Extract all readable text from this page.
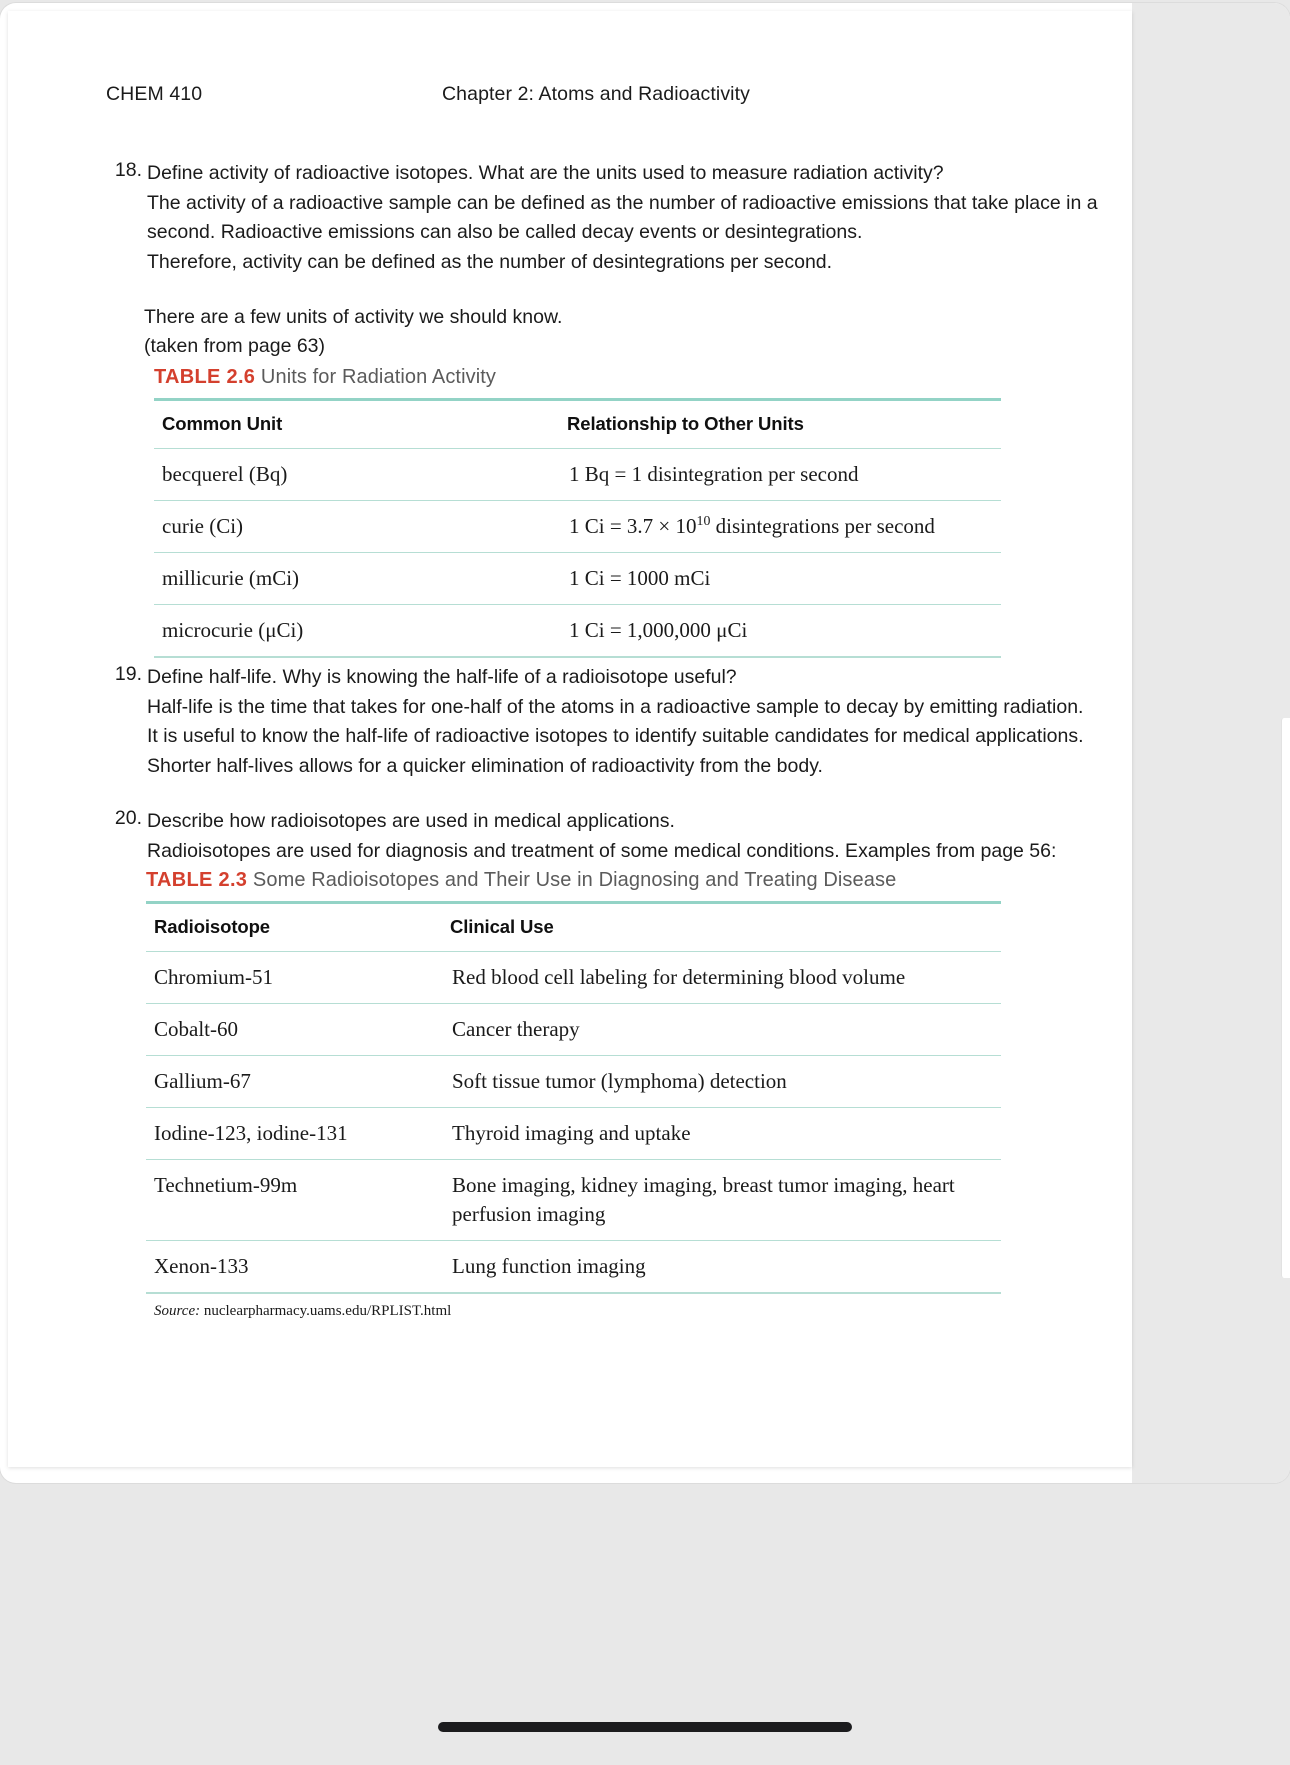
CHEM 410	Chapter 2: Atoms and Radioactivity
18. Define activity of radioactive isotopes. What are the units used to measure radiation activity?
The activity of a radioactive sample can be defined as the number of radioactive emissions that take place in a
second. Radioactive emissions can also be called decay events or desintegrations.
Therefore, activity can be defined as the number of desintegrations per second.
There are a few units of activity we should know.
(taken from page 63)
TABLE 2.6 Units for Radiation Activity
Common Unit	Relationship to Other Units
becquerel (Bq)	1 Bq = 1 disintegration per second
curie (Ci)	1 $Ci = 3.7 \times 10^{10}$ disintegrations per second
millicurie (mCi)	1 Ci = 1000 mCi
microcurie (μCi)	1 Ci = 1,000,000 μCi
19. Define half-life. Why is knowing the half-life of a radioisotope useful?
Half-life is the time that takes for one-half of the atoms in a radioactive sample to decay by emitting radiation.
It is useful to know the half-life of radioactive isotopes to identify suitable candidates for medical applications.
Shorter half-lives allows for a quicker elimination of radioactivity from the body.
20. Describe how radioisotopes are used in medical applications.
Radioisotopes are used for diagnosis and treatment of some medical conditions. Examples from page 56:
TABLE 2.3 Some Radioisotopes and Their Use in Diagnosing and Treating Disease
Radioisotope	Clinical Use
Chromium-51	Red blood cell labeling for determining blood volume
Cobalt-60	Cancer therapy
Gallium-67	Soft tissue tumor (lymphoma) detection
Iodine-123, iodine-131	Thyroid imaging and uptake
Technetium-99m	Bone imaging, kidney imaging, breast tumor imaging, heart perfusion imaging
Xenon-133	Lung function imaging
Source: nuclearpharmacy.uams.edu/RPLIST.html
